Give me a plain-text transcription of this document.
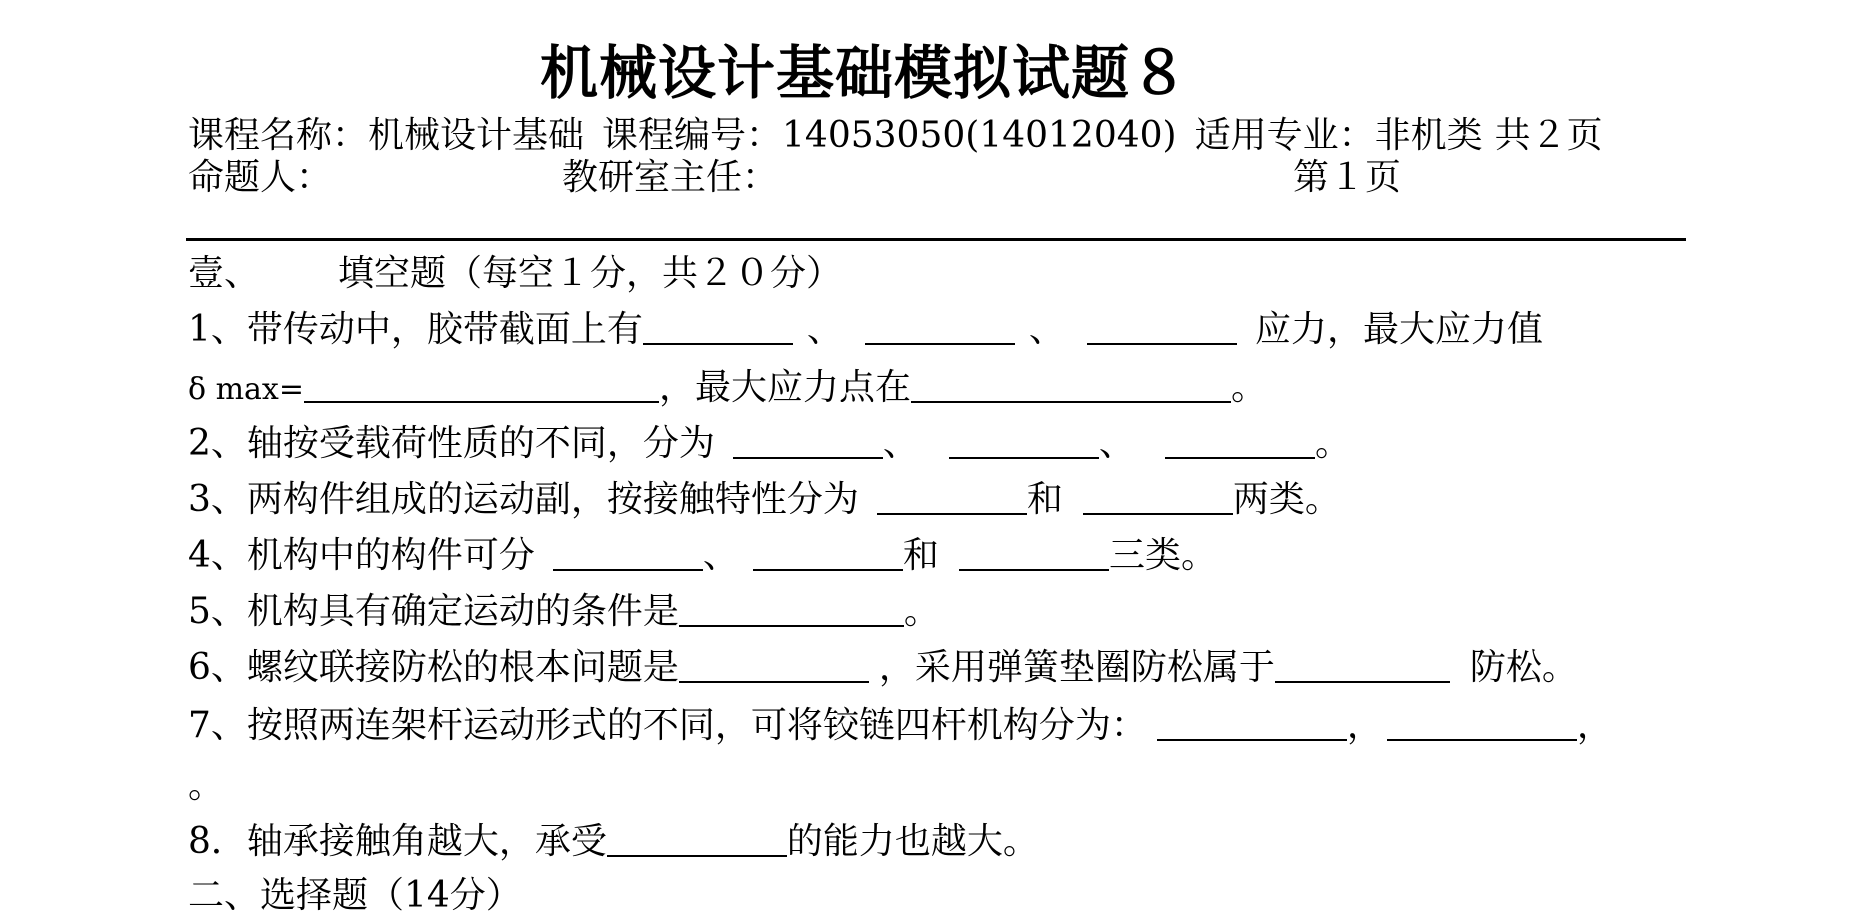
机械设计基础模拟试题８
课程名称：机械设计基础 课程编号：14053050(14012040) 适用专业：非机类 共２页
命题人：	教研室主任：	第１页
壹、 填空题（每空１分，共２０分）
1、带传动中，胶带截面上有	、	、	应力，最大应力值
δ max=	，最大应力点在	。
2、轴按受载荷性质的不同，分为	、	、	。
3、两构件组成的运动副，按接触特性分为	和	两类。
4、机构中的构件可分	、	和	三类。
5、机构具有确定运动的条件是	。
6、螺纹联接防松的根本问题是	，采用弹簧垫圈防松属于	防松。
7、按照两连架杆运动形式的不同，可将铰链四杆机构分为：	，	，
。
8．轴承接触角越大，承受	的能力也越大。
二、选择题（14分）
